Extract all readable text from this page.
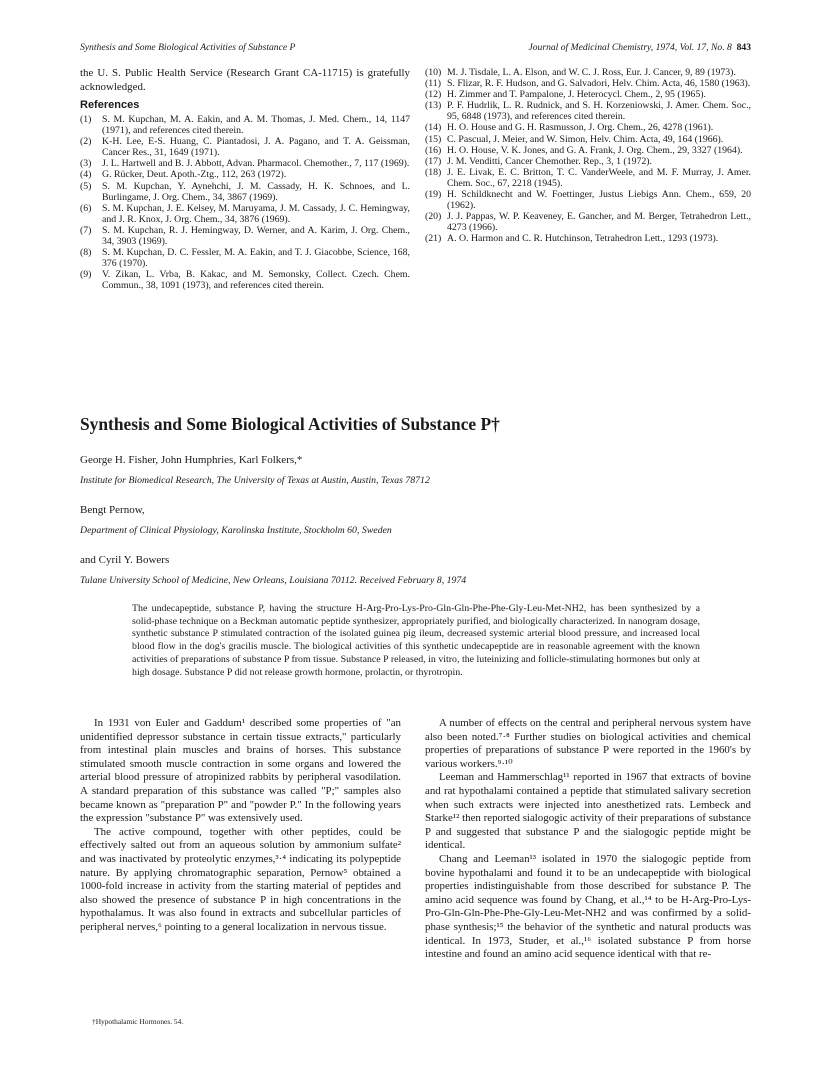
Synthesis and Some Biological Activities of Substance P	Journal of Medicinal Chemistry, 1974, Vol. 17, No. 8 843
the U. S. Public Health Service (Research Grant CA-11715) is gratefully acknowledged.
References
(1) S. M. Kupchan, M. A. Eakin, and A. M. Thomas, J. Med. Chem., 14, 1147 (1971), and references cited therein.
(2) K-H. Lee, E-S. Huang, C. Piantadosi, J. A. Pagano, and T. A. Geissman, Cancer Res., 31, 1649 (1971).
(3) J. L. Hartwell and B. J. Abbott, Advan. Pharmacol. Chemother., 7, 117 (1969).
(4) G. Rücker, Deut. Apoth.-Ztg., 112, 263 (1972).
(5) S. M. Kupchan, Y. Aynehchi, J. M. Cassady, H. K. Schnoes, and L. Burlingame, J. Org. Chem., 34, 3867 (1969).
(6) S. M. Kupchan, J. E. Kelsey, M. Maruyama, J. M. Cassady, J. C. Hemingway, and J. R. Knox, J. Org. Chem., 34, 3876 (1969).
(7) S. M. Kupchan, R. J. Hemingway, D. Werner, and A. Karim, J. Org. Chem., 34, 3903 (1969).
(8) S. M. Kupchan, D. C. Fessler, M. A. Eakin, and T. J. Giacobbe, Science, 168, 376 (1970).
(9) V. Zikan, L. Vrba, B. Kakac, and M. Semonsky, Collect. Czech. Chem. Commun., 38, 1091 (1973), and references cited therein.
(10) M. J. Tisdale, L. A. Elson, and W. C. J. Ross, Eur. J. Cancer, 9, 89 (1973).
(11) S. Flizar, R. F. Hudson, and G. Salvadori, Helv. Chim. Acta, 46, 1580 (1963).
(12) H. Zimmer and T. Pampalone, J. Heterocycl. Chem., 2, 95 (1965).
(13) P. F. Hudrlik, L. R. Rudnick, and S. H. Korzeniowski, J. Amer. Chem. Soc., 95, 6848 (1973), and references cited therein.
(14) H. O. House and G. H. Rasmusson, J. Org. Chem., 26, 4278 (1961).
(15) C. Pascual, J. Meier, and W. Simon, Helv. Chim. Acta, 49, 164 (1966).
(16) H. O. House, V. K. Jones, and G. A. Frank, J. Org. Chem., 29, 3327 (1964).
(17) J. M. Venditti, Cancer Chemother. Rep., 3, 1 (1972).
(18) J. E. Livak, E. C. Britton, T. C. VanderWeele, and M. F. Murray, J. Amer. Chem. Soc., 67, 2218 (1945).
(19) H. Schildknecht and W. Foettinger, Justus Liebigs Ann. Chem., 659, 20 (1962).
(20) J. J. Pappas, W. P. Keaveney, E. Gancher, and M. Berger, Tetrahedron Lett., 4273 (1966).
(21) A. O. Harmon and C. R. Hutchinson, Tetrahedron Lett., 1293 (1973).
Synthesis and Some Biological Activities of Substance P†
George H. Fisher, John Humphries, Karl Folkers,*
Institute for Biomedical Research, The University of Texas at Austin, Austin, Texas 78712
Bengt Pernow,
Department of Clinical Physiology, Karolinska Institute, Stockholm 60, Sweden
and Cyril Y. Bowers
Tulane University School of Medicine, New Orleans, Louisiana 70112. Received February 8, 1974
The undecapeptide, substance P, having the structure H-Arg-Pro-Lys-Pro-Gln-Gln-Phe-Phe-Gly-Leu-Met-NH2, has been synthesized by a solid-phase technique on a Beckman automatic peptide synthesizer, appropriately purified, and biologically characterized. In nanogram dosage, synthetic substance P stimulated contraction of the isolated guinea pig ileum, decreased systemic arterial blood pressure, and increased local blood flow in the dog's gracilis muscle. The biological activities of this synthetic undecapeptide are in reasonable agreement with the known activities of preparations of substance P from tissue. Substance P released, in vitro, the luteinizing and follicle-stimulating hormones but only at high dosage. Substance P did not release growth hormone, prolactin, or thyrotropin.

In 1931 von Euler and Gaddum¹ described some properties of "an unidentified depressor substance in certain tissue extracts," particularly from intestinal plain muscles and brains of horses. This substance stimulated smooth muscle contraction in some organs and lowered the arterial blood pressure of atropinized rabbits by peripheral vasodilation. A standard preparation of this substance was called "P;" samples also became known as "preparation P" and "powder P." In the following years the expression "substance P" was extensively used.

The active compound, together with other peptides, could be effectively salted out from an aqueous solution by ammonium sulfate² and was inactivated by proteolytic enzymes,³·⁴ indicating its polypeptide nature. By applying chromatographic separation, Pernow⁵ obtained a 1000-fold increase in activity from the starting material of peptides and also showed the presence of substance P in high concentrations in the hypothalamus. It was also found in extracts and subcellular particles of peripheral nerves,⁶ pointing to a general localization in nervous tissue.

†Hypothalamic Hormones. 54.

A number of effects on the central and peripheral nervous system have also been noted.⁷·⁸ Further studies on biological activities and chemical properties of preparations of substance P were reported in the 1960's by various workers.⁹·¹⁰

Leeman and Hammerschlag¹¹ reported in 1967 that extracts of bovine and rat hypothalami contained a peptide that stimulated salivary secretion when such extracts were injected into anesthetized rats. Lembeck and Starke¹² then reported sialogogic activity of their preparations of substance P and suggested that substance P and the sialogogic peptide might be identical.

Chang and Leeman¹³ isolated in 1970 the sialogogic peptide from bovine hypothalami and found it to be an undecapeptide with biological properties indistinguishable from those described for substance P. The amino acid sequence was found by Chang, et al.,¹⁴ to be H-Arg-Pro-Lys-Pro-Gln-Gln-Phe-Phe-Gly-Leu-Met-NH2 and was confirmed by a solid-phase synthesis;¹⁵ the behavior of the synthetic and natural products was identical. In 1973, Studer, et al.,¹⁶ isolated substance P from horse intestine and found an amino acid sequence identical with that re-
